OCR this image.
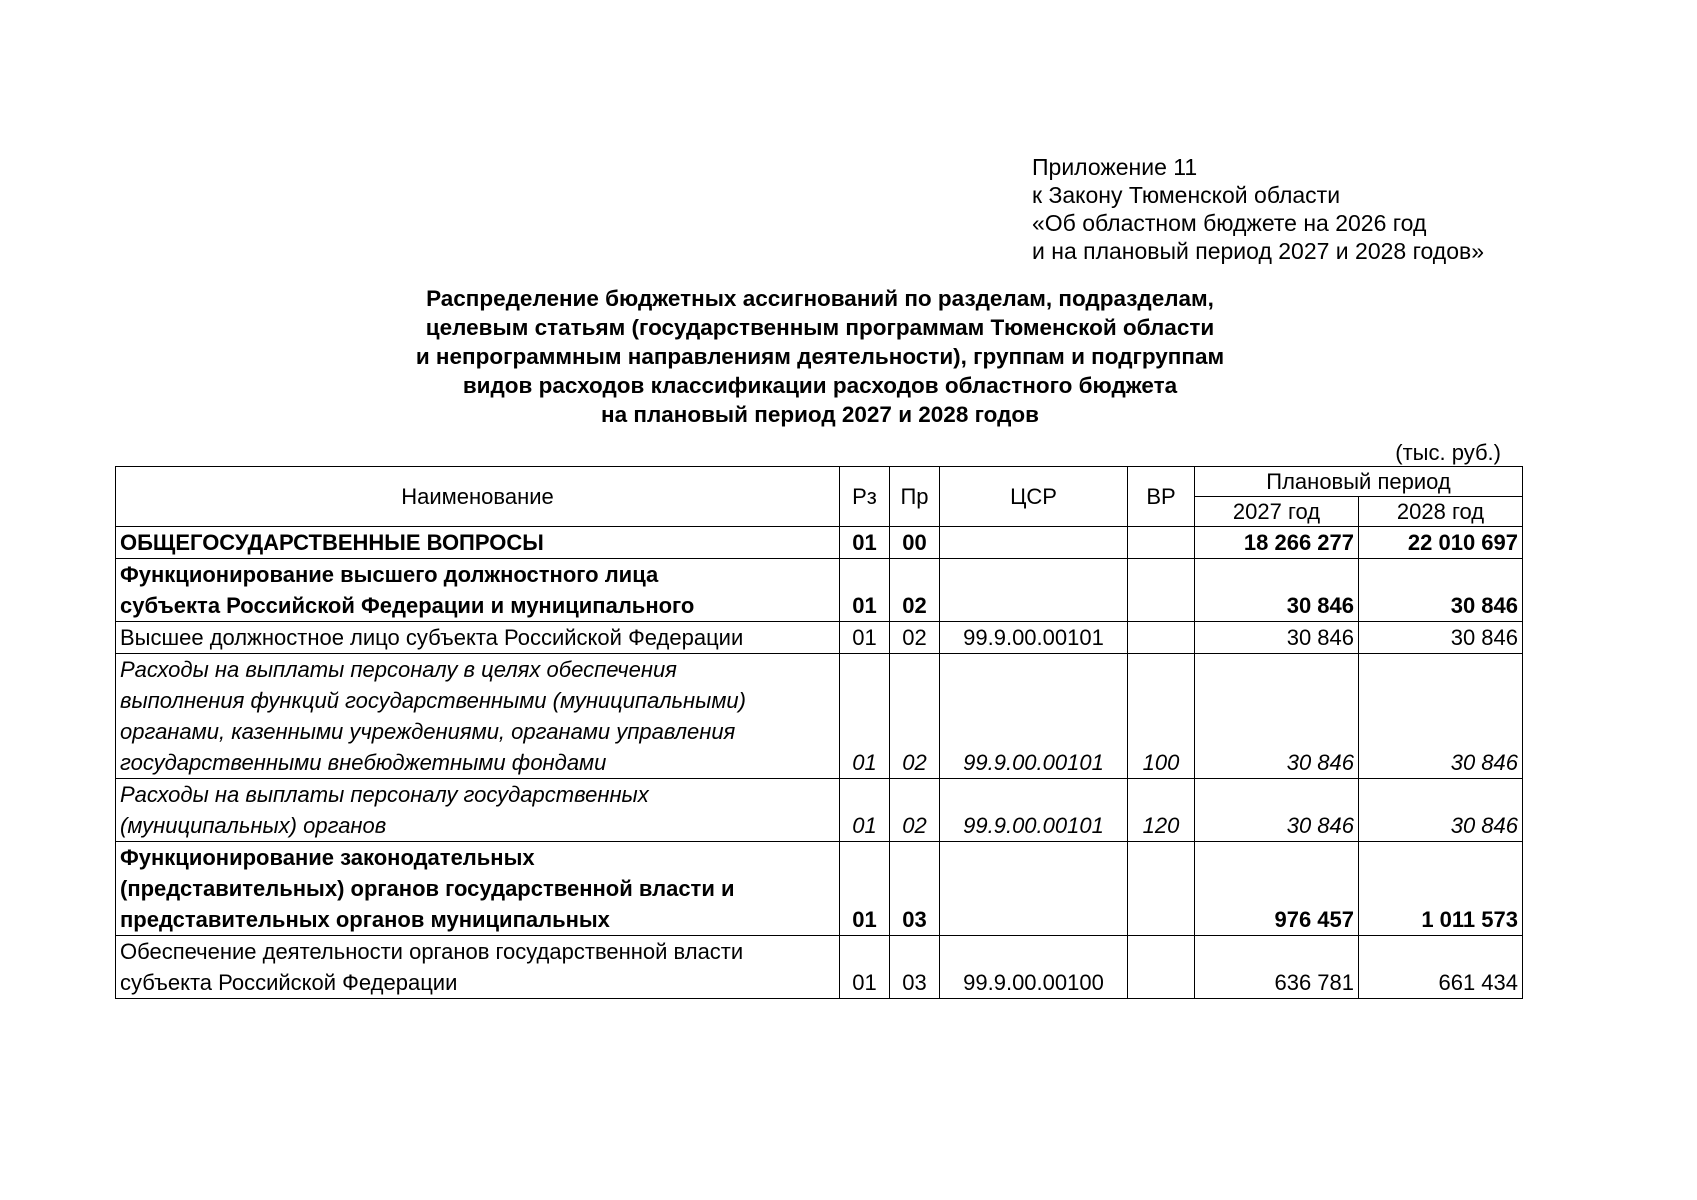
Приложение 11
к Закону Тюменской области
«Об областном бюджете на 2026 год
и на плановый период 2027 и 2028 годов»
Распределение бюджетных ассигнований по разделам, подразделам,
целевым статьям (государственным программам Тюменской области
и непрограммным направлениям деятельности), группам и подгруппам
видов расходов классификации расходов областного бюджета
на плановый период 2027 и 2028 годов
(тыс. руб.)
Наименование	Рз	Пр	ЦСР	ВР	Плановый период	
					2027 год	2028 год

ОБЩЕГОСУДАРСТВЕННЫЕ ВОПРОСЫ	01	00			18 266 277	22 010 697

Функционирование высшего должностного лица
субъекта Российской Федерации и муниципального	01	02			30 846	30 846

Высшее должностное лицо субъекта Российской Федерации	01	02	99.9.00.00101		30 846	30 846

Расходы на выплаты персоналу в целях обеспечения
выполнения функций государственными (муниципальными)
органами, казенными учреждениями, органами управления
государственными внебюджетными фондами	01	02	99.9.00.00101	100	30 846	30 846

Расходы на выплаты персоналу государственных
(муниципальных) органов	01	02	99.9.00.00101	120	30 846	30 846

Функционирование законодательных
(представительных) органов государственной власти и
представительных органов муниципальных	01	03			976 457	1 011 573

Обеспечение деятельности органов государственной власти
субъекта Российской Федерации	01	03	99.9.00.00100		636 781	661 434
